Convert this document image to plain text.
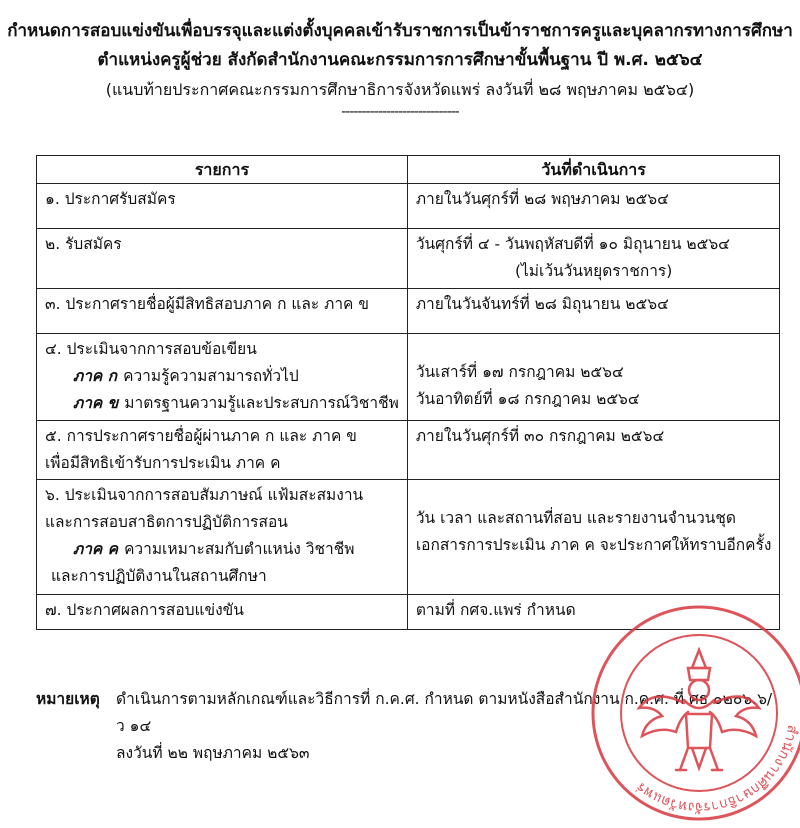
กำหนดการสอบแข่งขันเพื่อบรรจุและแต่งตั้งบุคคลเข้ารับราชการเป็นข้าราชการครูและบุคลากรทางการศึกษา
ตำแหน่งครูผู้ช่วย สังกัดสำนักงานคณะกรรมการการศึกษาขั้นพื้นฐาน ปี พ.ศ. ๒๕๖๔
(แนบท้ายประกาศคณะกรรมการศึกษาธิการจังหวัดแพร่ ลงวันที่ ๒๘ พฤษภาคม ๒๕๖๔)
-----------------------------
รายการ	วันที่ดำเนินการ

๑. ประกาศรับสมัคร	ภายในวันศุกร์ที่ ๒๘ พฤษภาคม ๒๕๖๔

๒. รับสมัคร	วันศุกร์ที่ ๔ - วันพฤหัสบดีที่ ๑๐ มิถุนายน ๒๕๖๔
(ไม่เว้นวันหยุดราชการ)

๓. ประกาศรายชื่อผู้มีสิทธิสอบภาค ก และ ภาค ข	ภายในวันจันทร์ที่ ๒๘ มิถุนายน ๒๕๖๔

๔. ประเมินจากการสอบข้อเขียน
ภาค ก ความรู้ความสามารถทั่วไป
ภาค ข มาตรฐานความรู้และประสบการณ์วิชาชีพ	วันเสาร์ที่ ๑๗ กรกฎาคม ๒๕๖๔
วันอาทิตย์ที่ ๑๘ กรกฎาคม ๒๕๖๔

๕. การประกาศรายชื่อผู้ผ่านภาค ก และ ภาค ข
เพื่อมีสิทธิเข้ารับการประเมิน ภาค ค	ภายในวันศุกร์ที่ ๓๐ กรกฎาคม ๒๕๖๔

๖. ประเมินจากการสอบสัมภาษณ์ แฟ้มสะสมงาน
และการสอบสาธิตการปฏิบัติการสอน
ภาค ค ความเหมาะสมกับตำแหน่ง วิชาชีพ
และการปฏิบัติงานในสถานศึกษา	วัน เวลา และสถานที่สอบ และรายงานจำนวนชุด
เอกสารการประเมิน ภาค ค จะประกาศให้ทราบอีกครั้ง

๗. ประกาศผลการสอบแข่งขัน	ตามที่ กศจ.แพร่ กำหนด
หมายเหตุ ดำเนินการตามหลักเกณฑ์และวิธีการที่ ก.ค.ศ. กำหนด ตามหนังสือสำนักงาน ก.ค.ศ. ที่ ศธ ๐๒๐๖.๖/ว ๑๔
ลงวันที่ ๒๒ พฤษภาคม ๒๕๖๓
สำนักงานศึกษาธิการจังหวัดแพร่
